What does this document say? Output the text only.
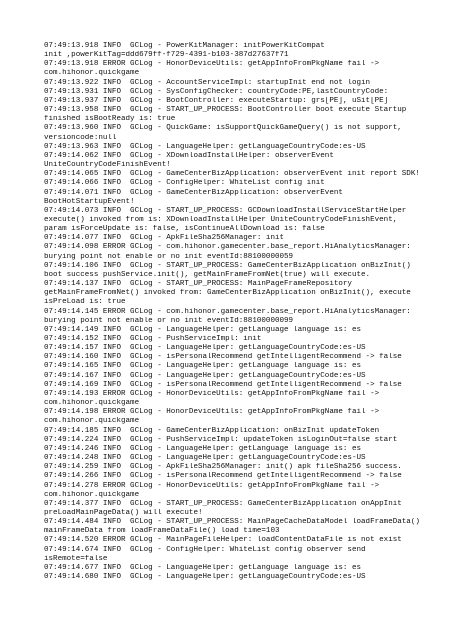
07:49:13.918 INFO  GCLog - PowerKitManager: initPowerKitCompat
init ,powerKitTag=ddd679ff-f729-4391-b103-387d27637f71
07:49:13.918 ERROR GCLog - HonorDeviceUtils: getAppInfoFromPkgName fail ->
com.hihonor.quickgame
07:49:13.922 INFO  GCLog - AccountServiceImpl: startupInit end not login
07:49:13.931 INFO  GCLog - SysConfigChecker: countryCode:PE,lastCountryCode:
07:49:13.937 INFO  GCLog - BootController: executeStartup: grs[PE], uSit[PE]
07:49:13.958 INFO  GCLog - START_UP_PROCESS: BootController boot execute Startup
finished isBootReady is: true
07:49:13.960 INFO  GCLog - QuickGame: isSupportQuickGameQuery() is not support,
versioncode:null
07:49:13.963 INFO  GCLog - LanguageHelper: getLanguageCountryCode:es-US
07:49:14.062 INFO  GCLog - XDownloadInstallHelper: observerEvent
UniteCountryCodeFinishEvent!
07:49:14.065 INFO  GCLog - GameCenterBizApplication: observerEvent init report SDK!
07:49:14.066 INFO  GCLog - ConfigHelper: WhiteList config init
07:49:14.071 INFO  GCLog - GameCenterBizApplication: observerEvent
BootHotStartupEvent!
07:49:14.073 INFO  GCLog - START_UP_PROCESS: GCDownloadInstallServiceStartHelper
execute() invoked from is: XDownloadInstallHelper UniteCountryCodeFinishEvent,
param isForceUpdate is: false, isContinueAllDownload is: false
07:49:14.077 INFO  GCLog - ApkFileSha256Manager: init
07:49:14.098 ERROR GCLog - com.hihonor.gamecenter.base_report.HiAnalyticsManager:
burying point not enable or no init eventId:88100000059
07:49:14.106 INFO  GCLog - START_UP_PROCESS: GameCenterBizApplication onBizInit()
boot success pushService.init(), getMainFrameFromNet(true) will execute.
07:49:14.137 INFO  GCLog - START_UP_PROCESS: MainPageFrameRepository
getMainFrameFromNet() invoked from: GameCenterBizApplication onBizInit(), execute
isPreLoad is: true
07:49:14.145 ERROR GCLog - com.hihonor.gamecenter.base_report.HiAnalyticsManager:
burying point not enable or no init eventId:88100000099
07:49:14.149 INFO  GCLog - LanguageHelper: getLanguage language is: es
07:49:14.152 INFO  GCLog - PushServiceImpl: init
07:49:14.157 INFO  GCLog - LanguageHelper: getLanguageCountryCode:es-US
07:49:14.160 INFO  GCLog - isPersonalRecommend getIntelligentRecommend -> false
07:49:14.165 INFO  GCLog - LanguageHelper: getLanguage language is: es
07:49:14.167 INFO  GCLog - LanguageHelper: getLanguageCountryCode:es-US
07:49:14.169 INFO  GCLog - isPersonalRecommend getIntelligentRecommend -> false
07:49:14.193 ERROR GCLog - HonorDeviceUtils: getAppInfoFromPkgName fail ->
com.hihonor.quickgame
07:49:14.198 ERROR GCLog - HonorDeviceUtils: getAppInfoFromPkgName fail ->
com.hihonor.quickgame
07:49:14.185 INFO  GCLog - GameCenterBizApplication: onBizInit updateToken
07:49:14.224 INFO  GCLog - PushServiceImpl: updateToken isLoginOut=false start
07:49:14.246 INFO  GCLog - LanguageHelper: getLanguage language is: es
07:49:14.248 INFO  GCLog - LanguageHelper: getLanguageCountryCode:es-US
07:49:14.259 INFO  GCLog - ApkFileSha256Manager: init() apk fileSha256 success.
07:49:14.266 INFO  GCLog - isPersonalRecommend getIntelligentRecommend -> false
07:49:14.278 ERROR GCLog - HonorDeviceUtils: getAppInfoFromPkgName fail ->
com.hihonor.quickgame
07:49:14.377 INFO  GCLog - START_UP_PROCESS: GameCenterBizApplication onAppInit
preLoadMainPageData() will execute!
07:49:14.484 INFO  GCLog - START_UP_PROCESS: MainPageCacheDataModel loadFrameData()
mainFrameData from loadFrameDataFile() load time=103
07:49:14.520 ERROR GCLog - MainPageFileHelper: loadContentDataFile is not exist
07:49:14.674 INFO  GCLog - ConfigHelper: WhiteList config observer send
isRemote=false
07:49:14.677 INFO  GCLog - LanguageHelper: getLanguage language is: es
07:49:14.680 INFO  GCLog - LanguageHelper: getLanguageCountryCode:es-US
